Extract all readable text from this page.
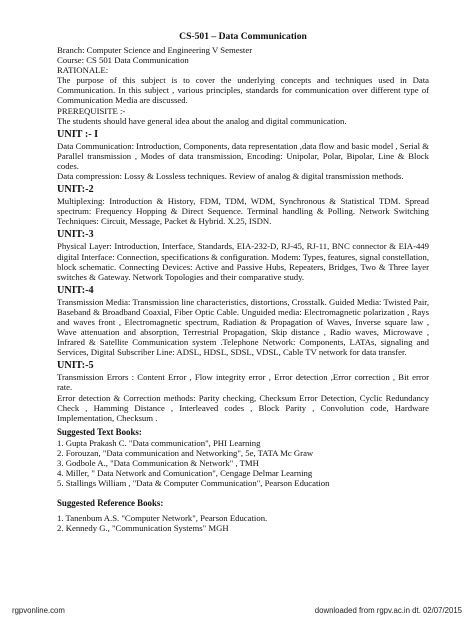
CS-501 – Data Communication
Branch: Computer Science and Engineering V Semester
Course: CS 501 Data Communication
RATIONALE:
The purpose of this subject is to cover the underlying concepts and techniques used in Data Communication. In this subject , various principles, standards for communication over different type of Communication Media are discussed.
PREREQUISITE :-
The students should have general idea about the analog and digital communication.
UNIT :- I
Data Communication: Introduction, Components, data representation ,data flow and basic model , Serial & Parallel transmission , Modes of data transmission, Encoding: Unipolar, Polar, Bipolar, Line & Block codes.
Data compression: Lossy & Lossless techniques. Review of analog & digital transmission methods.
UNIT:-2
Multiplexing: Introduction & History, FDM, TDM, WDM, Synchronous & Statistical TDM. Spread spectrum: Frequency Hopping & Direct Sequence. Terminal handling & Polling. Network Switching Techniques: Circuit, Message, Packet & Hybrid. X.25, ISDN.
UNIT:-3
Physical Layer: Introduction, Interface, Standards, EIA-232-D, RJ-45, RJ-11, BNC connector & EIA-449 digital Interface: Connection, specifications & configuration. Modem: Types, features, signal constellation, block schematic. Connecting Devices: Active and Passive Hubs, Repeaters, Bridges, Two & Three layer switches & Gateway. Network Topologies and their comparative study.
UNIT:-4
Transmission Media: Transmission line characteristics, distortions, Crosstalk. Guided Media: Twisted Pair, Baseband & Broadband Coaxial, Fiber Optic Cable. Unguided media: Electromagnetic polarization , Rays and waves front , Electromagnetic spectrum, Radiation & Propagation of Waves, Inverse square law , Wave attenuation and absorption, Terrestrial Propagation, Skip distance , Radio waves, Microwave , Infrared & Satellite Communication system .Telephone Network: Components, LATAs, signaling and Services, Digital Subscriber Line: ADSL, HDSL, SDSL, VDSL, Cable TV network for data transfer.
UNIT:-5
Transmission Errors : Content Error , Flow integrity error , Error detection ,Error correction , Bit error rate.
Error detection & Correction methods: Parity checking, Checksum Error Detection, Cyclic Redundancy Check , Hamming Distance , Interleaved codes , Block Parity , Convolution code, Hardware Implementation, Checksum .
Suggested Text Books:
1. Gupta Prakash C. "Data communication", PHI Learning
2. Forouzan, "Data communication and Networking", 5e, TATA Mc Graw
3. Godbole A., "Data Communication & Network" , TMH
4. Miller, " Data Network and Comunication", Cengage Delmar Learning
5. Stallings William , "Data & Computer Communication", Pearson Education
Suggested Reference Books:
1. Tanenbum A.S. "Computer Network", Pearson Education.
2. Kennedy G., "Communication Systems" MGH
rgpvonline.com	downloaded from rgpv.ac.in dt. 02/07/2015
